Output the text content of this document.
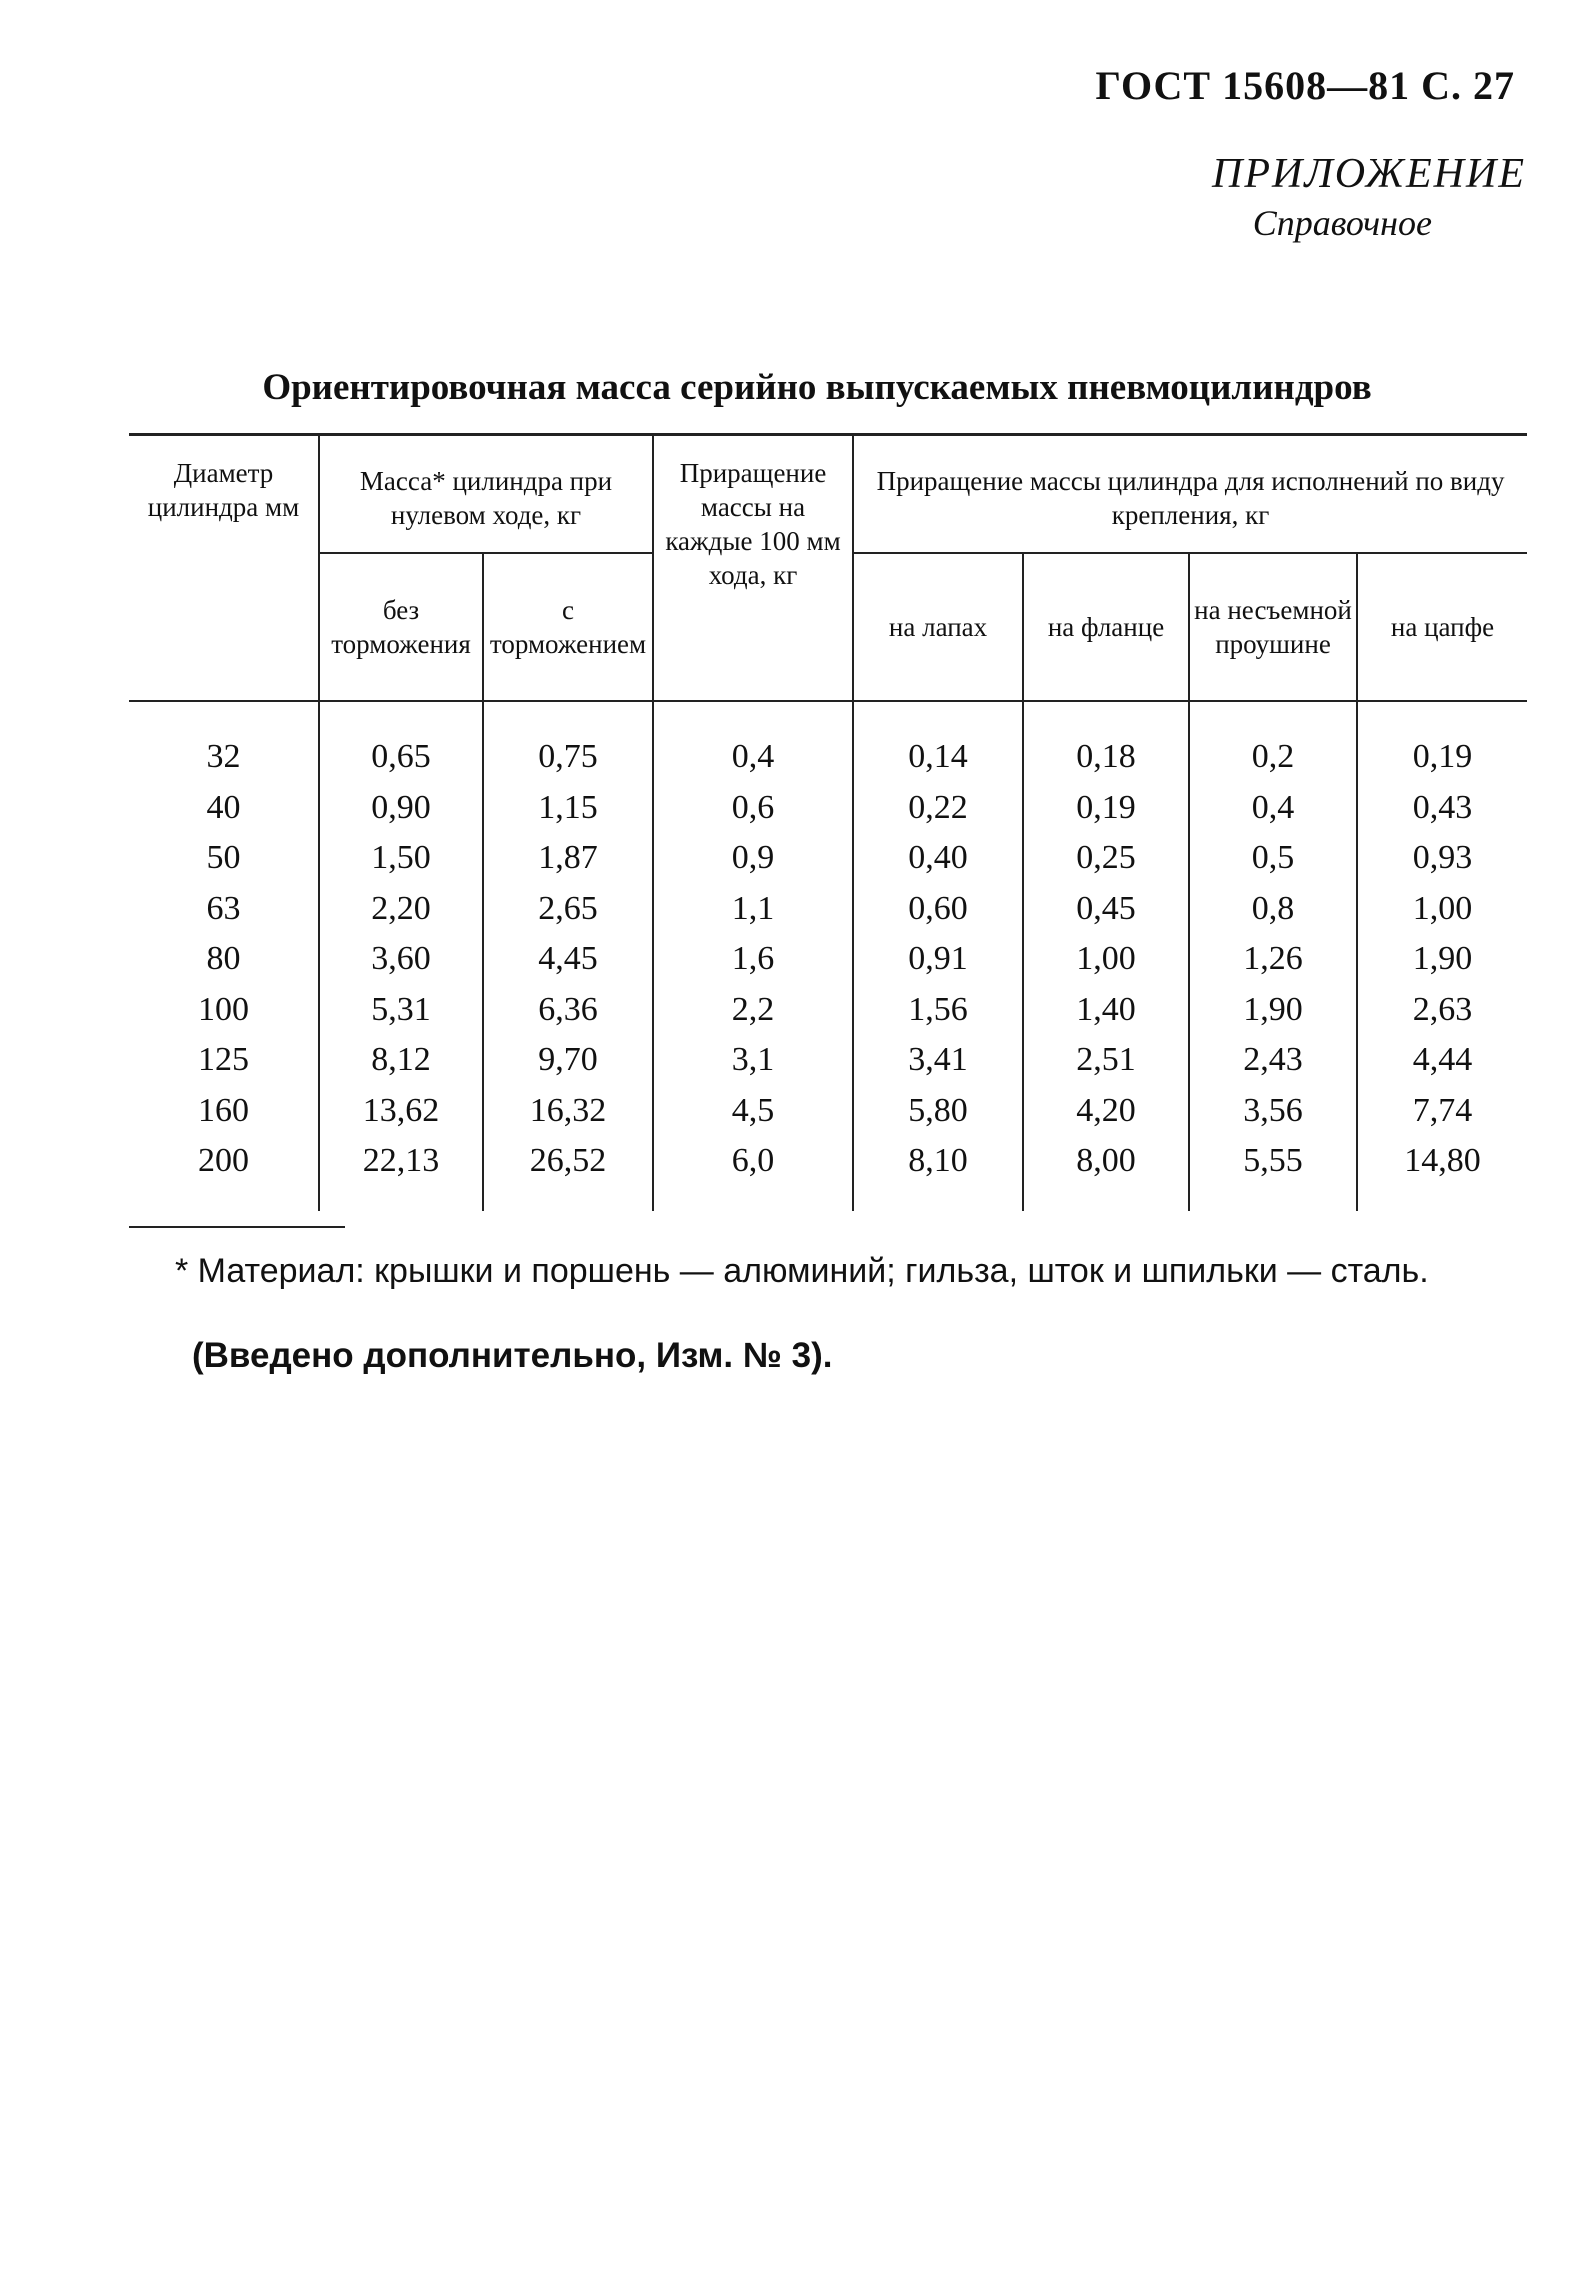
ГОСТ 15608—81 С. 27
ПРИЛОЖЕНИЕ
Справочное
Ориентировочная масса серийно выпускаемых пневмоцилиндров
Диаметр цилиндра мм	Масса* цилиндра при нулевом ходе, кг		Приращение массы на каждые 100 мм хода, кг	Приращение массы цилиндра для исполнений по виду крепления, кг			
	без торможения	с торможением		на лапах	на фланце	на несъемной проушине	на цапфе

32	0,65	0,75	0,4	0,14	0,18	0,2	0,19
40	0,90	1,15	0,6	0,22	0,19	0,4	0,43
50	1,50	1,87	0,9	0,40	0,25	0,5	0,93
63	2,20	2,65	1,1	0,60	0,45	0,8	1,00
80	3,60	4,45	1,6	0,91	1,00	1,26	1,90
100	5,31	6,36	2,2	1,56	1,40	1,90	2,63
125	8,12	9,70	3,1	3,41	2,51	2,43	4,44
160	13,62	16,32	4,5	5,80	4,20	3,56	7,74
200	22,13	26,52	6,0	8,10	8,00	5,55	14,80

* Материал: крышки и поршень — алюминий; гильза, шток и шпильки — сталь.
(Введено дополнительно, Изм. № 3).
